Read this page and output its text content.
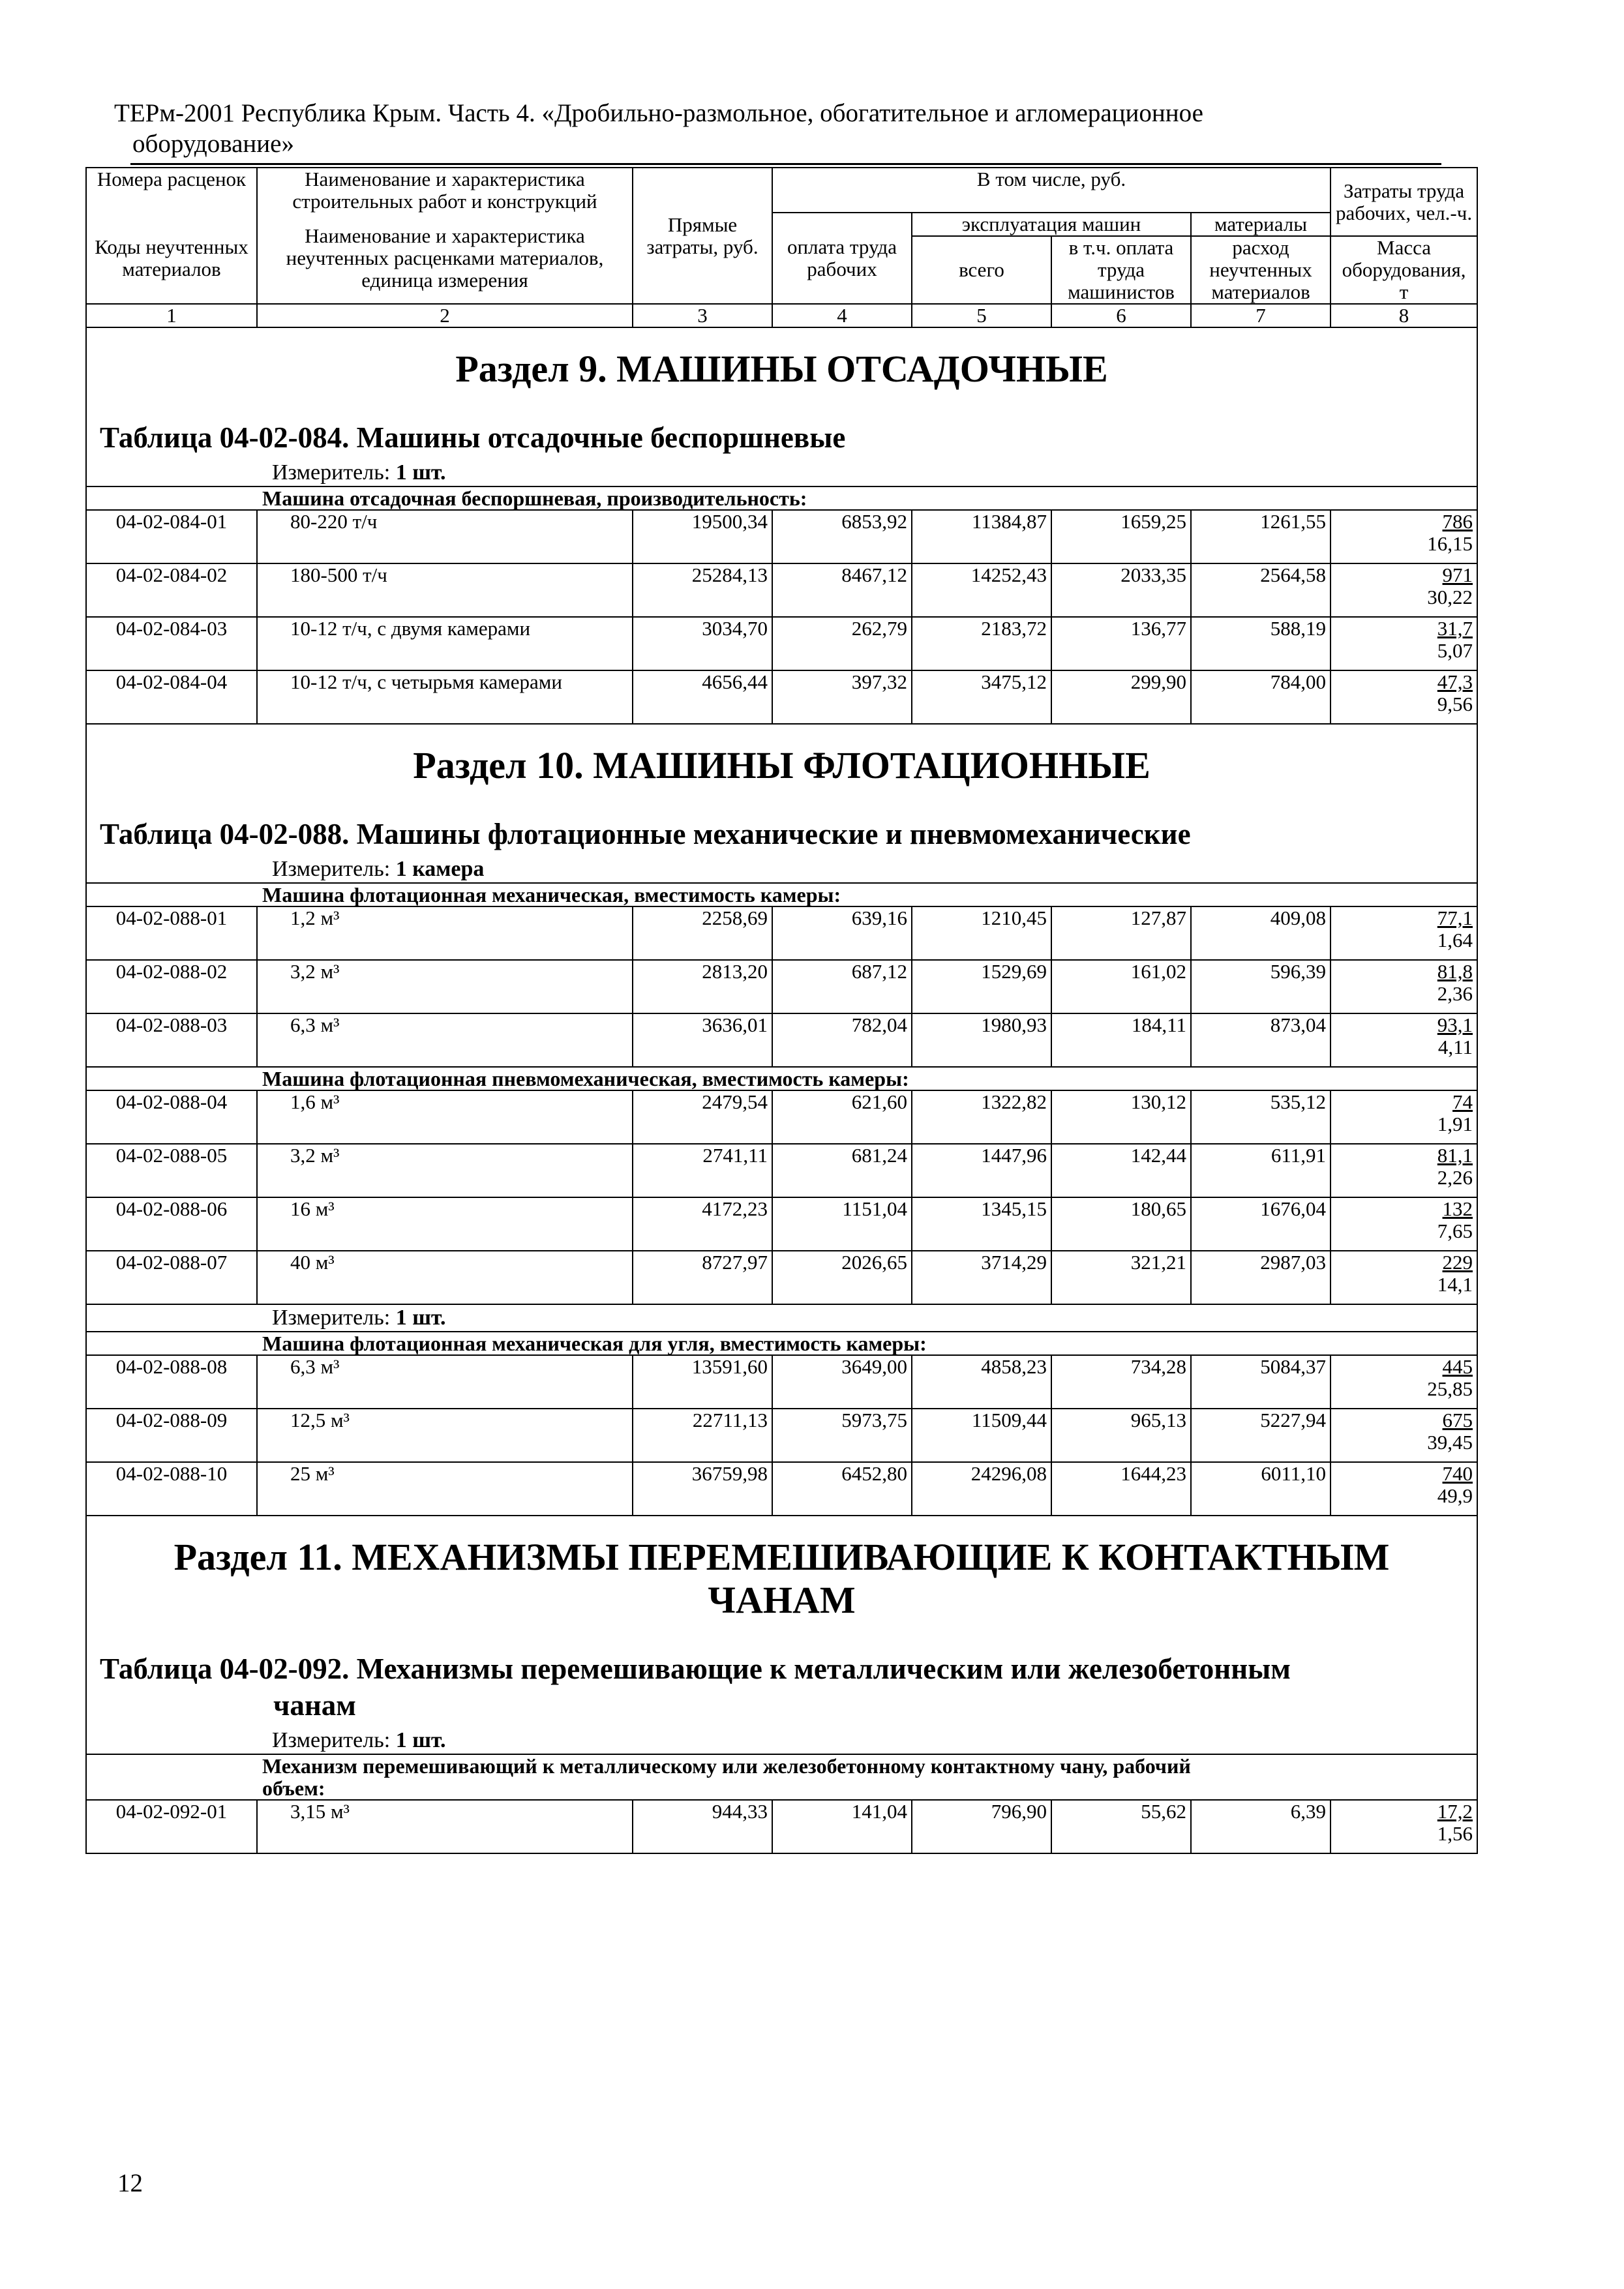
ТЕРм-2001 Республика Крым. Часть 4. «Дробильно-размольное, обогатительное и агломерационное
оборудование»
Номера расценок	Наименование и характеристика строительных работ и конструкций	Прямые затраты, руб.	В том числе, руб.				Затраты труда рабочих, чел.-ч.
Коды неучтенных материалов	Наименование и характеристика неучтенных расценками материалов, единица измерения		оплата труда рабочих	эксплуатация машин		материалы	
				всего	в т.ч. оплата труда машинистов	расход неучтенных материалов	
							Масса оборудования, т
1	2	3	4	5	6	7	8

Раздел 9. МАШИНЫ ОТСАДОЧНЫЕ
Таблица 04-02-084. Машины отсадочные беспоршневые
Измеритель: 1 шт.							

	Машина отсадочная беспоршневая, производительность:						
04-02-084-01	80-220 т/ч	19500,34	6853,92	11384,87	1659,25	1261,55	786
16,15

04-02-084-02	180-500 т/ч	25284,13	8467,12	14252,43	2033,35	2564,58	971
30,22

04-02-084-03	10-12 т/ч, с двумя камерами	3034,70	262,79	2183,72	136,77	588,19	31,7
5,07

04-02-084-04	10-12 т/ч, с четырьмя камерами	4656,44	397,32	3475,12	299,90	784,00	47,3
9,56

Раздел 10. МАШИНЫ ФЛОТАЦИОННЫЕ
Таблица 04-02-088. Машины флотационные механические и пневмомеханические
Измеритель: 1 камера							

	Машина флотационная механическая, вместимость камеры:						
04-02-088-01	1,2 м³	2258,69	639,16	1210,45	127,87	409,08	77,1
1,64

04-02-088-02	3,2 м³	2813,20	687,12	1529,69	161,02	596,39	81,8
2,36

04-02-088-03	6,3 м³	3636,01	782,04	1980,93	184,11	873,04	93,1
4,11

	Машина флотационная пневмомеханическая, вместимость камеры:						
04-02-088-04	1,6 м³	2479,54	621,60	1322,82	130,12	535,12	74
1,91

04-02-088-05	3,2 м³	2741,11	681,24	1447,96	142,44	611,91	81,1
2,26

04-02-088-06	16 м³	4172,23	1151,04	1345,15	180,65	1676,04	132
7,65

04-02-088-07	40 м³	8727,97	2026,65	3714,29	321,21	2987,03	229
14,1

Измеритель: 1 шт.							

	Машина флотационная механическая для угля, вместимость камеры:						
04-02-088-08	6,3 м³	13591,60	3649,00	4858,23	734,28	5084,37	445
25,85

04-02-088-09	12,5 м³	22711,13	5973,75	11509,44	965,13	5227,94	675
39,45

04-02-088-10	25 м³	36759,98	6452,80	24296,08	1644,23	6011,10	740
49,9

Раздел 11. МЕХАНИЗМЫ ПЕРЕМЕШИВАЮЩИЕ К КОНТАКТНЫМ
ЧАНАМ
Таблица 04-02-092. Механизмы перемешивающие к металлическим или железобетонным
чанам
Измеритель: 1 шт.							

	Механизм перемешивающий к металлическому или железобетонному контактному чану, рабочий
объем:						

04-02-092-01	3,15 м³	944,33	141,04	796,90	55,62	6,39	17,2
1,56
12
